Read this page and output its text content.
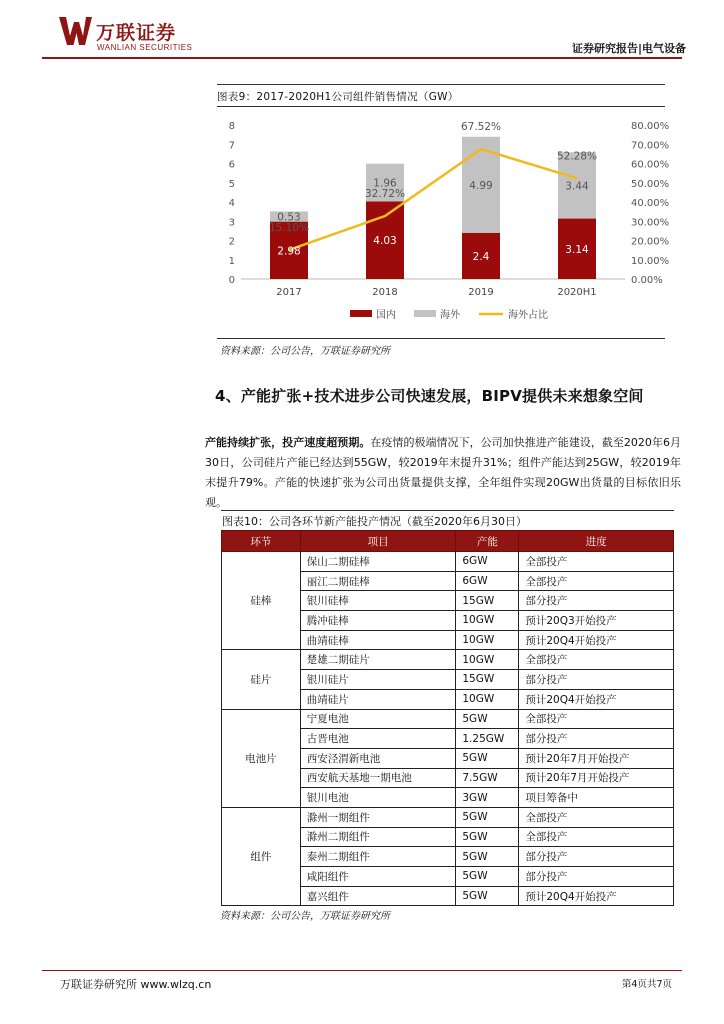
万联证券
WANLIAN SECURITIES	证券研究报告|电气设备
图表9：2017-2020H1公司组件销售情况（GW）
0
1
2
3
4
5
6
7
8
0.00%
10.00%
20.00%
30.00%
40.00%
50.00%
60.00%
70.00%
80.00%
2017	2018	2019	2020H1
2.98
0.53
15.10%
4.03
1.96
32.72%
2.4
4.99
67.52%
3.14
3.44
52.28%
国内	海外	海外占比
资料来源：公司公告，万联证券研究所
4、产能扩张+技术进步公司快速发展，BIPV提供未来想象空间
产能持续扩张，投产速度超预期。在疫情的极端情况下，公司加快推进产能建设，截至2020年6月30日，公司硅片产能已经达到55GW，较2019年末提升31%；组件产能达到25GW，较2019年末提升79%。产能的快速扩张为公司出货量提供支撑，全年组件实现20GW出货量的目标依旧乐观。
图表10：公司各环节新产能投产情况（截至2020年6月30日）
环节	项目	产能	进度
硅棒	保山二期硅棒	6GW	全部投产
	丽江二期硅棒	6GW	全部投产
	银川硅棒	15GW	部分投产
	腾冲硅棒	10GW	预计20Q3开始投产
	曲靖硅棒	10GW	预计20Q4开始投产
硅片	楚雄二期硅片	10GW	全部投产
	银川硅片	15GW	部分投产
	曲靖硅片	10GW	预计20Q4开始投产
电池片	宁夏电池	5GW	全部投产
	古晋电池	1.25GW	部分投产
	西安泾渭新电池	5GW	预计20年7月开始投产
	西安航天基地一期电池	7.5GW	预计20年7月开始投产
	银川电池	3GW	项目筹备中
组件	滁州一期组件	5GW	全部投产
	滁州二期组件	5GW	全部投产
	泰州二期组件	5GW	部分投产
	咸阳组件	5GW	部分投产
	嘉兴组件	5GW	预计20Q4开始投产
资料来源：公司公告，万联证券研究所
万联证券研究所 www.wlzq.cn	第4页共7页
